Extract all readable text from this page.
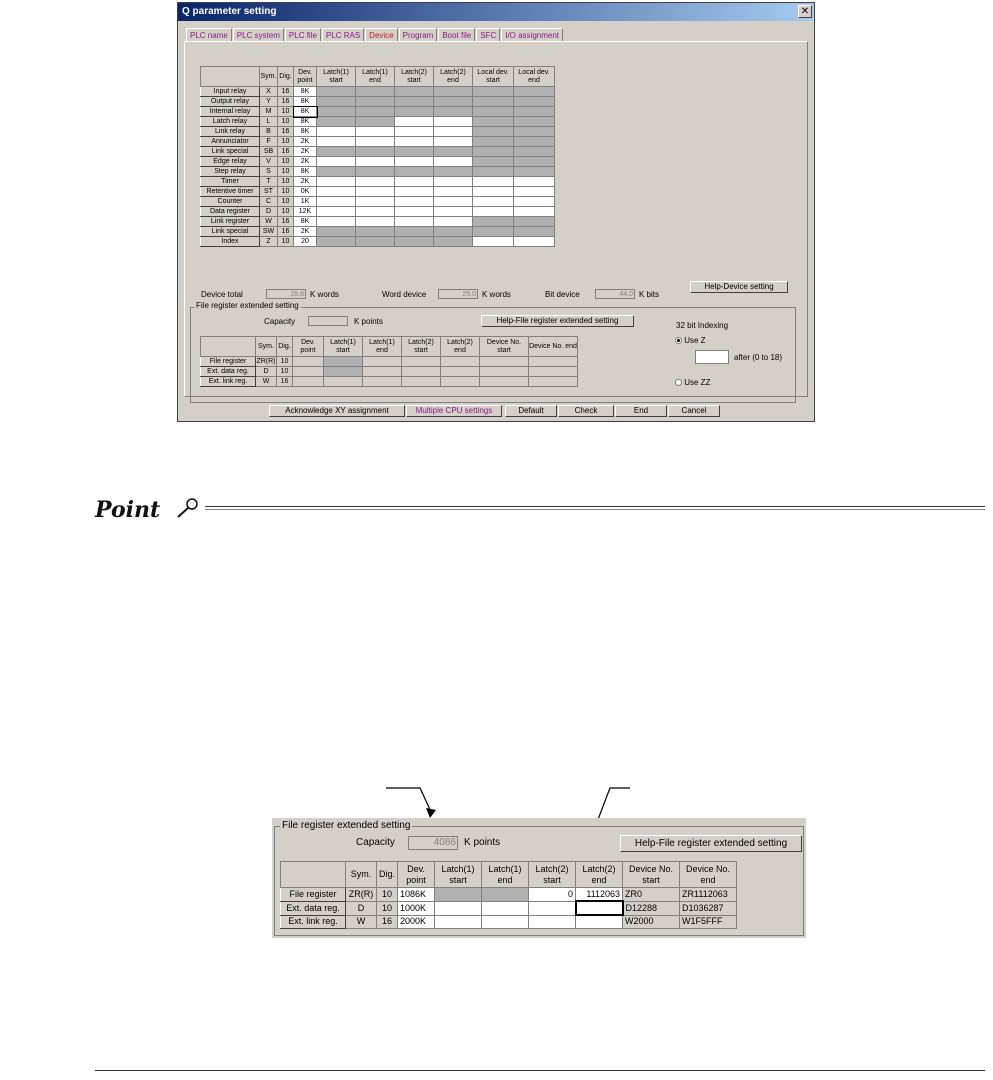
Q parameter setting	✕
PLC name	PLC system	PLC file	PLC RAS	Device	Program	Boot file	SFC	I/O assignment
	Sym.	Dig.	Dev. point	Latch(1) start	Latch(1) end	Latch(2) start	Latch(2) end	Local dev. start	Local dev. end
Input relay	X	16	8K						
Output relay	Y	16	8K						
Internal relay	M	10	8K						
Latch relay	L	10	8K						
Link relay	B	16	8K						
Annunciator	F	10	2K						
Link special	SB	16	2K						
Edge relay	V	10	2K						
Step relay	S	10	8K						
Timer	T	10	2K						
Retentive timer	ST	10	0K						
Counter	C	10	1K						
Data register	D	10	12K						
Link register	W	16	8K						
Link special	SW	16	2K						
Index	Z	10	20						
Device total	28.8 K words	Word device	25.0 K words	Bit device	44.0 K bits
Help-Device setting
File register extended setting
Capacity	K points	Help-File register extended setting
	Sym.	Dig.	Dev. point	Latch(1) start	Latch(1) end	Latch(2) start	Latch(2) end	Device No. start	Device No. end
File register	ZR(R)	10							
Ext. data reg.	D	10							
Ext. link reg.	W	16							
32 bit Indexing
Use Z
after (0 to 18)
Use ZZ
Acknowledge XY assignment	Multiple CPU settings	Default	Check	End	Cancel
Point
File register extended setting
Capacity	4086 K points	Help-File register extended setting
	Sym.	Dig.	Dev. point	Latch(1) start	Latch(1) end	Latch(2) start	Latch(2) end	Device No. start	Device No. end
File register	ZR(R)	10	1086K			0	1112063	ZR0	ZR1112063
Ext. data reg.	D	10	1000K					D12288	D1036287
Ext. link reg.	W	16	2000K					W2000	W1F5FFF
